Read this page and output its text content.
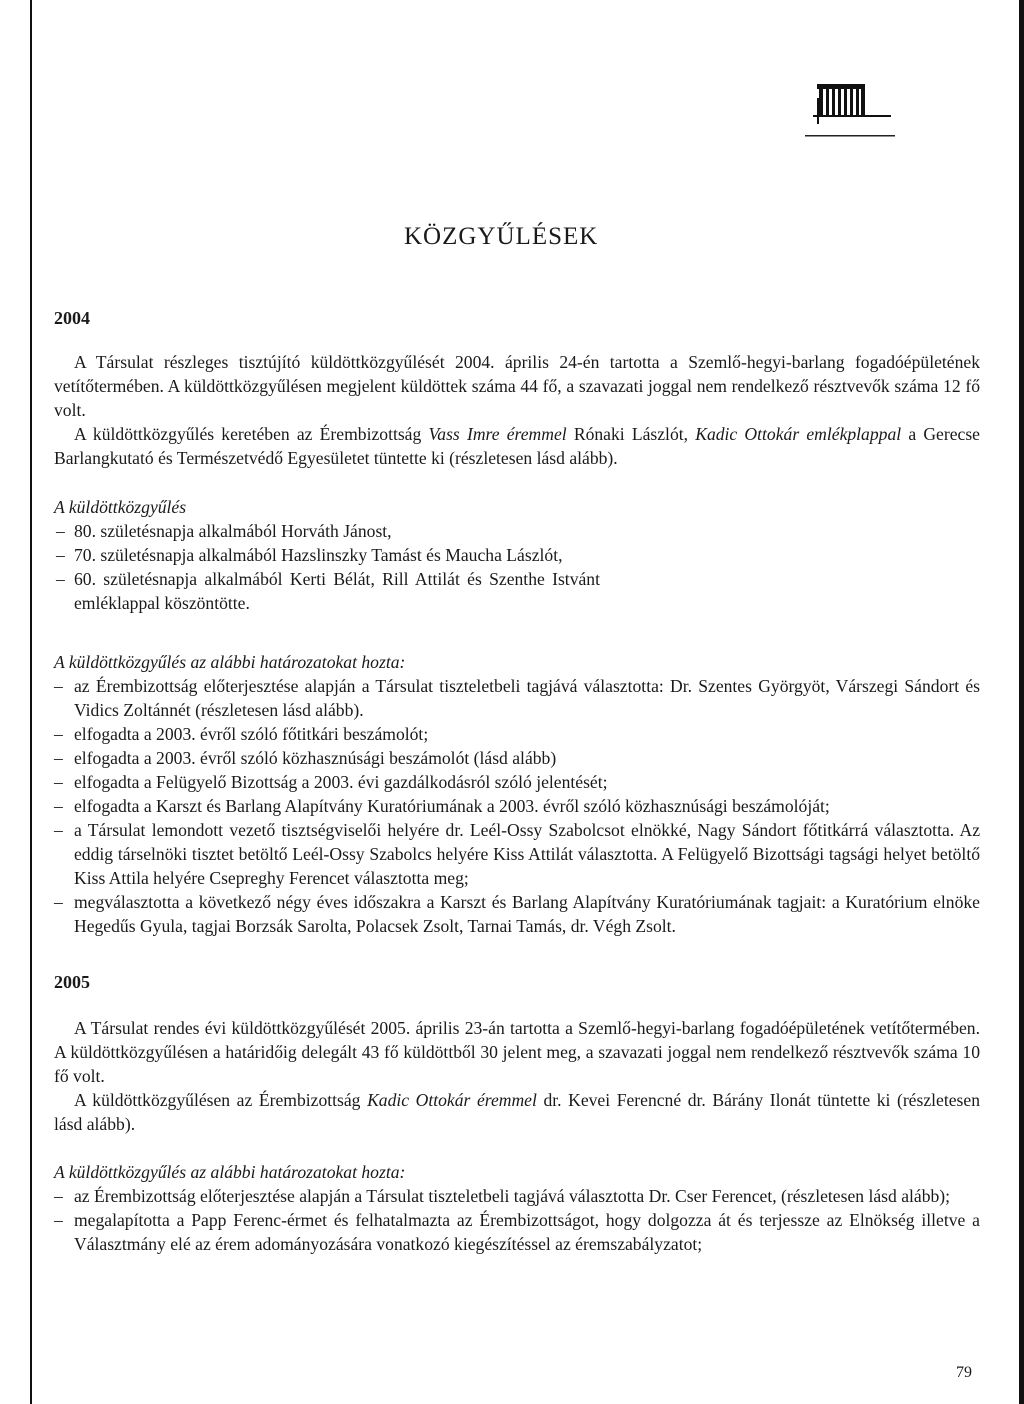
KÖZGYŰLÉSEK
2004

A Társulat részleges tisztújító küldöttközgyűlését 2004. április 24-én tartotta a Szemlő-hegyi-barlang fogadóépületének vetítőtermében. A küldöttközgyűlésen megjelent küldöttek száma 44 fő, a szavazati joggal nem rendelkező résztvevők száma 12 fő volt.

A küldöttközgyűlés keretében az Érembizottság Vass Imre éremmel Rónaki Lászlót, Kadic Ottokár emlékplappal a Gerecse Barlangkutató és Természetvédő Egyesületet tüntette ki (részletesen lásd alább).

A küldöttközgyűlés

– 80. születésnapja alkalmából Horváth Jánost,

– 70. születésnapja alkalmából Hazslinszky Tamást és Maucha Lászlót,

– 60. születésnapja alkalmából Kerti Bélát, Rill Attilát és Szenthe Istvánt emléklappal köszöntötte.

A küldöttközgyűlés az alábbi határozatokat hozta:

– az Érembizottság előterjesztése alapján a Társulat tiszteletbeli tagjává választotta: Dr. Szentes Györgyöt, Várszegi Sándort és Vidics Zoltánnét (részletesen lásd alább).

– elfogadta a 2003. évről szóló főtitkári beszámolót;

– elfogadta a 2003. évről szóló közhasznúsági beszámolót (lásd alább)

– elfogadta a Felügyelő Bizottság a 2003. évi gazdálkodásról szóló jelentését;

– elfogadta a Karszt és Barlang Alapítvány Kuratóriumának a 2003. évről szóló közhasznúsági beszámolóját;

– a Társulat lemondott vezető tisztségviselői helyére dr. Leél-Ossy Szabolcsot elnökké, Nagy Sándort főtitkárrá választotta. Az eddig társelnöki tisztet betöltő Leél-Ossy Szabolcs helyére Kiss Attilát választotta. A Felügyelő Bizottsági tagsági helyet betöltő Kiss Attila helyére Csepreghy Ferencet választotta meg;

– megválasztotta a következő négy éves időszakra a Karszt és Barlang Alapítvány Kuratóriumának tagjait: a Kuratórium elnöke Hegedűs Gyula, tagjai Borzsák Sarolta, Polacsek Zsolt, Tarnai Tamás, dr. Végh Zsolt.

2005

A Társulat rendes évi küldöttközgyűlését 2005. április 23-án tartotta a Szemlő-hegyi-barlang fogadóépületének vetítőtermében. A küldöttközgyűlésen a határidőig delegált 43 fő küldöttből 30 jelent meg, a szavazati joggal nem rendelkező résztvevők száma 10 fő volt.

A küldöttközgyűlésen az Érembizottság Kadic Ottokár éremmel dr. Kevei Ferencné dr. Bárány Ilonát tüntette ki (részletesen lásd alább).

A küldöttközgyűlés az alábbi határozatokat hozta:

– az Érembizottság előterjesztése alapján a Társulat tiszteletbeli tagjává választotta Dr. Cser Ferencet, (részletesen lásd alább);

– megalapította a Papp Ferenc-érmet és felhatalmazta az Érembizottságot, hogy dolgozza át és terjessze az Elnökség illetve a Választmány elé az érem adományozására vonatkozó kiegészítéssel az éremszabályzatot;

79
